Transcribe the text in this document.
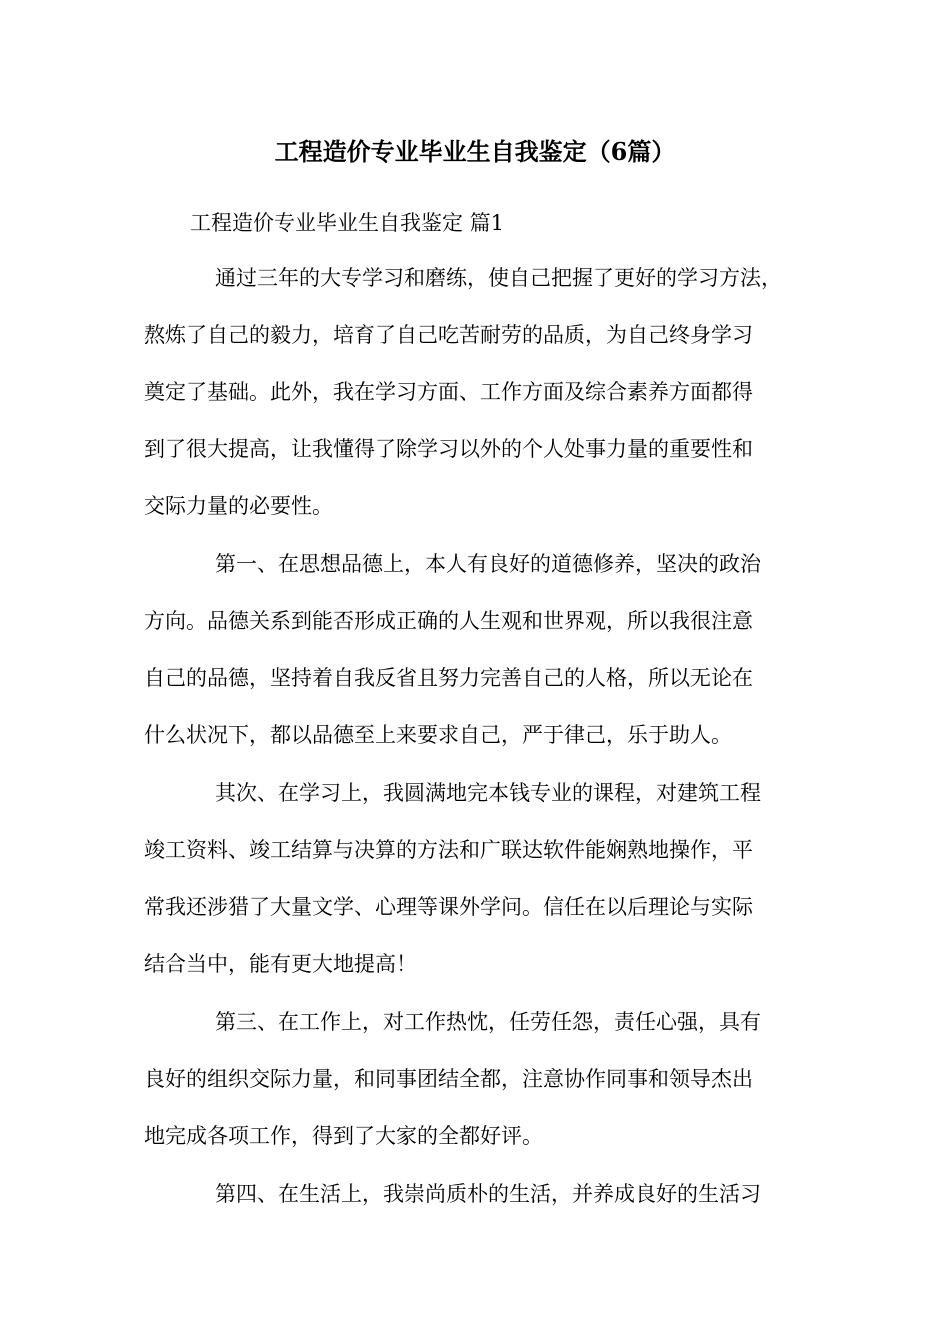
工程造价专业毕业生自我鉴定（6篇）

工程造价专业毕业生自我鉴定 篇1

通过三年的大专学习和磨练，使自己把握了更好的学习方法，

熬炼了自己的毅力，培育了自己吃苦耐劳的品质，为自己终身学习

奠定了基础。此外，我在学习方面、工作方面及综合素养方面都得

到了很大提高，让我懂得了除学习以外的个人处事力量的重要性和

交际力量的必要性。

第一、在思想品德上，本人有良好的道德修养，坚决的政治

方向。品德关系到能否形成正确的人生观和世界观，所以我很注意

自己的品德，坚持着自我反省且努力完善自己的人格，所以无论在

什么状况下，都以品德至上来要求自己，严于律己，乐于助人。

其次、在学习上，我圆满地完本钱专业的课程，对建筑工程

竣工资料、竣工结算与决算的方法和广联达软件能娴熟地操作，平

常我还涉猎了大量文学、心理等课外学问。信任在以后理论与实际

结合当中，能有更大地提高！

第三、在工作上，对工作热忱，任劳任怨，责任心强，具有

良好的组织交际力量，和同事团结全都，注意协作同事和领导杰出

地完成各项工作，得到了大家的全都好评。

第四、在生活上，我崇尚质朴的生活，并养成良好的生活习
